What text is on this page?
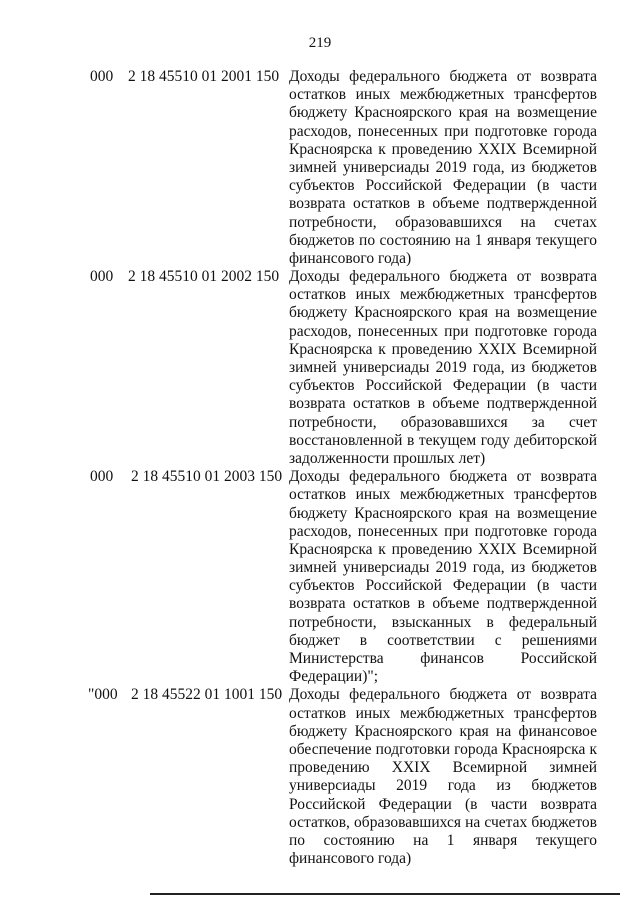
219
000 2 18 45510 01 2001 150 Доходы федерального бюджета от возврата
остатков иных межбюджетных трансфертов
бюджету Красноярского края на возмещение
расходов, понесенных при подготовке города
Красноярска к проведению XXIX Всемирной
зимней универсиады 2019 года, из бюджетов
субъектов Российской Федерации (в части
возврата остатков в объеме подтвержденной
потребности, образовавшихся на счетах
бюджетов по состоянию на 1 января текущего
финансового года)
000 2 18 45510 01 2002 150 Доходы федерального бюджета от возврата
остатков иных межбюджетных трансфертов
бюджету Красноярского края на возмещение
расходов, понесенных при подготовке города
Красноярска к проведению XXIX Всемирной
зимней универсиады 2019 года, из бюджетов
субъектов Российской Федерации (в части
возврата остатков в объеме подтвержденной
потребности, образовавшихся за счет
восстановленной в текущем году дебиторской
задолженности прошлых лет)
000 2 18 45510 01 2003 150 Доходы федерального бюджета от возврата
остатков иных межбюджетных трансфертов
бюджету Красноярского края на возмещение
расходов, понесенных при подготовке города
Красноярска к проведению XXIX Всемирной
зимней универсиады 2019 года, из бюджетов
субъектов Российской Федерации (в части
возврата остатков в объеме подтвержденной
потребности, взысканных в федеральный
бюджет в соответствии с решениями
Министерства финансов Российской
Федерации)";
"000 2 18 45522 01 1001 150 Доходы федерального бюджета от возврата
остатков иных межбюджетных трансфертов
бюджету Красноярского края на финансовое
обеспечение подготовки города Красноярска к
проведению XXIX Всемирной зимней
универсиады 2019 года из бюджетов
Российской Федерации (в части возврата
остатков, образовавшихся на счетах бюджетов
по состоянию на 1 января текущего
финансового года)
